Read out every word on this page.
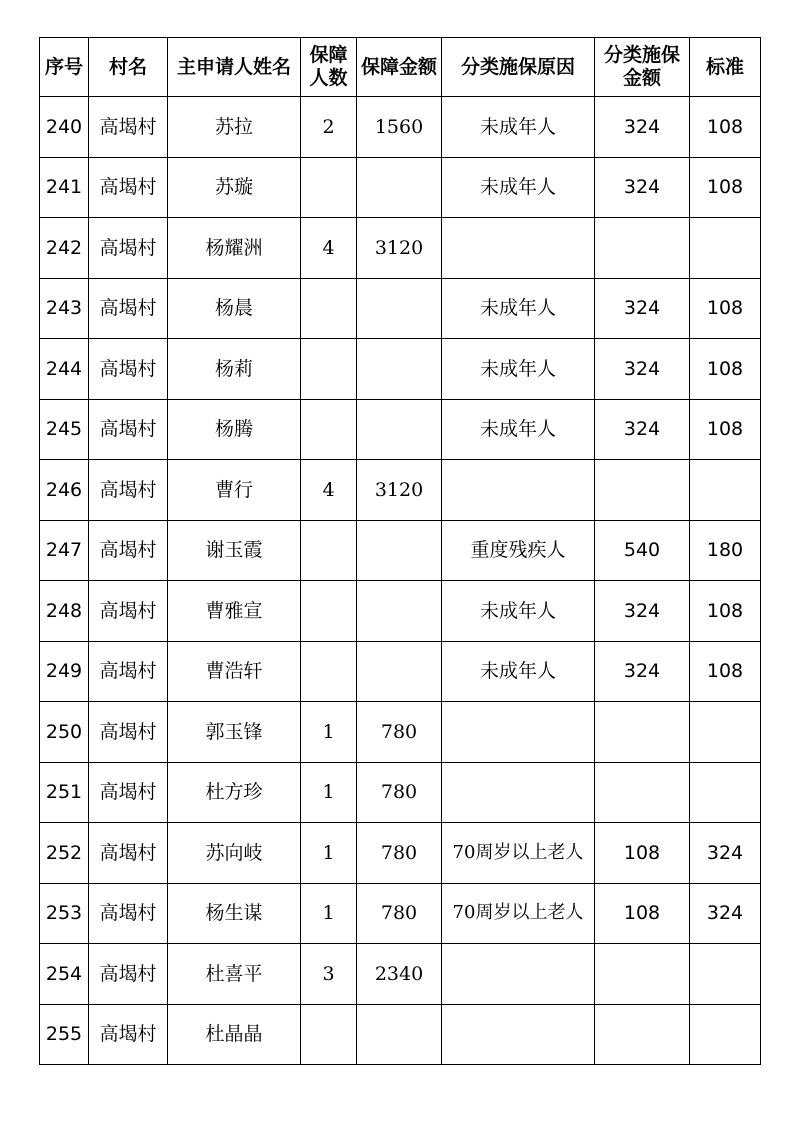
序号	村名	主申请人姓名	保障人数	保障金额	分类施保原因	分类施保金额	标准
240	高堨村	苏拉	2	1560	未成年人	324	108
241	高堨村	苏璇			未成年人	324	108
242	高堨村	杨耀洲	4	3120			
243	高堨村	杨晨			未成年人	324	108
244	高堨村	杨莉			未成年人	324	108
245	高堨村	杨腾			未成年人	324	108
246	高堨村	曹行	4	3120			
247	高堨村	谢玉霞			重度残疾人	540	180
248	高堨村	曹雅宣			未成年人	324	108
249	高堨村	曹浩轩			未成年人	324	108
250	高堨村	郭玉锋	1	780			
251	高堨村	杜方珍	1	780			
252	高堨村	苏向岐	1	780	70周岁以上老人	108	324
253	高堨村	杨生谋	1	780	70周岁以上老人	108	324
254	高堨村	杜喜平	3	2340			
255	高堨村	杜晶晶					
